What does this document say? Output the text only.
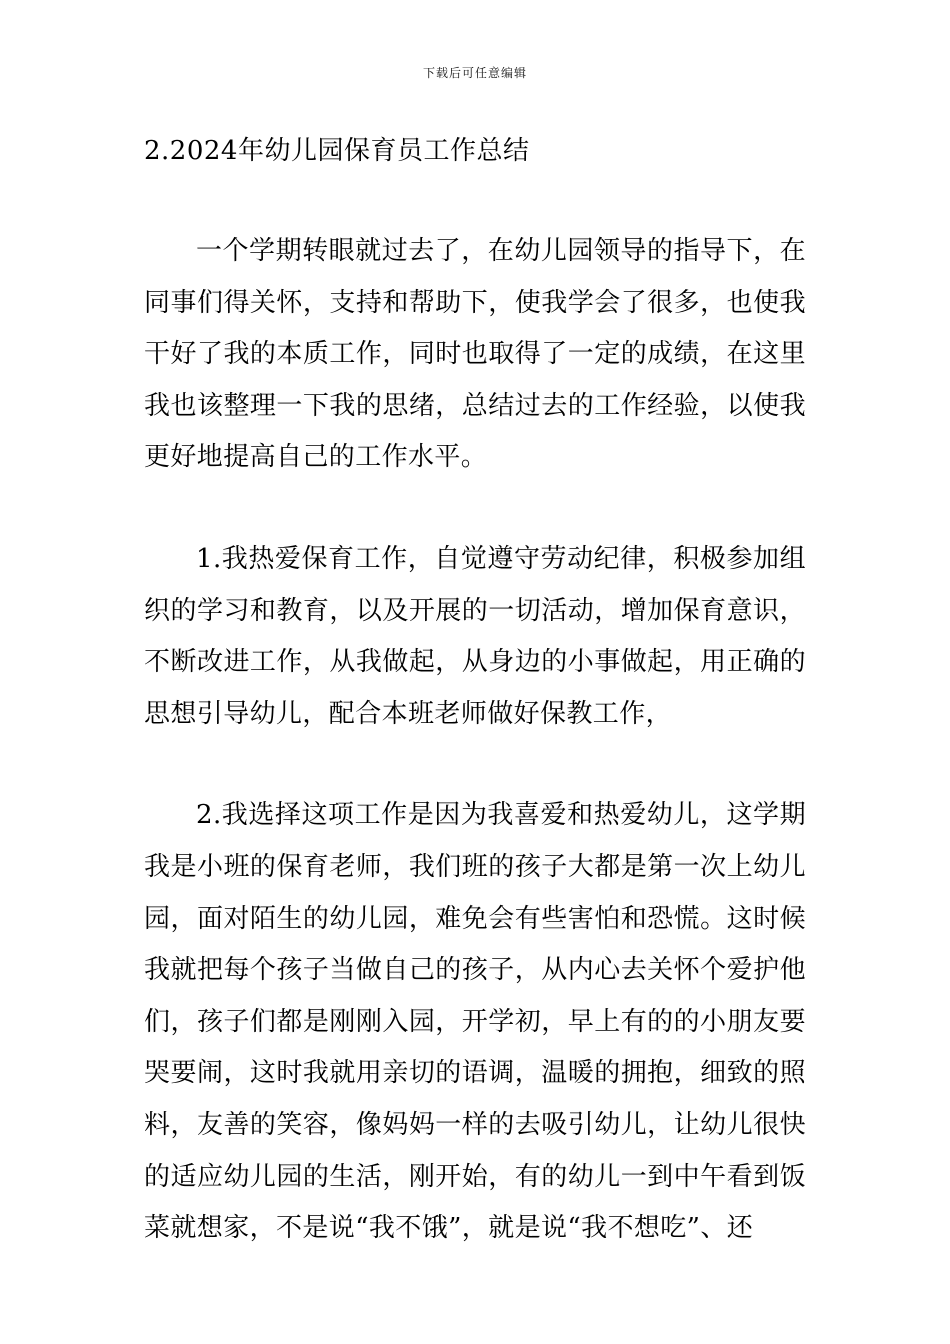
下载后可任意编辑
2.2024年幼儿园保育员工作总结

一个学期转眼就过去了，在幼儿园领导的指导下，在同事们得关怀，支持和帮助下，使我学会了很多，也使我干好了我的本质工作，同时也取得了一定的成绩，在这里我也该整理一下我的思绪，总结过去的工作经验，以使我更好地提高自己的工作水平。

1.我热爱保育工作，自觉遵守劳动纪律，积极参加组织的学习和教育，以及开展的一切活动，增加保育意识，不断改进工作，从我做起，从身边的小事做起，用正确的思想引导幼儿，配合本班老师做好保教工作，

2.我选择这项工作是因为我喜爱和热爱幼儿，这学期我是小班的保育老师，我们班的孩子大都是第一次上幼儿园，面对陌生的幼儿园，难免会有些害怕和恐慌。这时候我就把每个孩子当做自己的孩子，从内心去关怀个爱护他们，孩子们都是刚刚入园，开学初，早上有的的小朋友要哭要闹，这时我就用亲切的语调，温暖的拥抱，细致的照料，友善的笑容，像妈妈一样的去吸引幼儿，让幼儿很快的适应幼儿园的生活，刚开始，有的幼儿一到中午看到饭菜就想家，不是说“我不饿”，就是说“我不想吃”、还
